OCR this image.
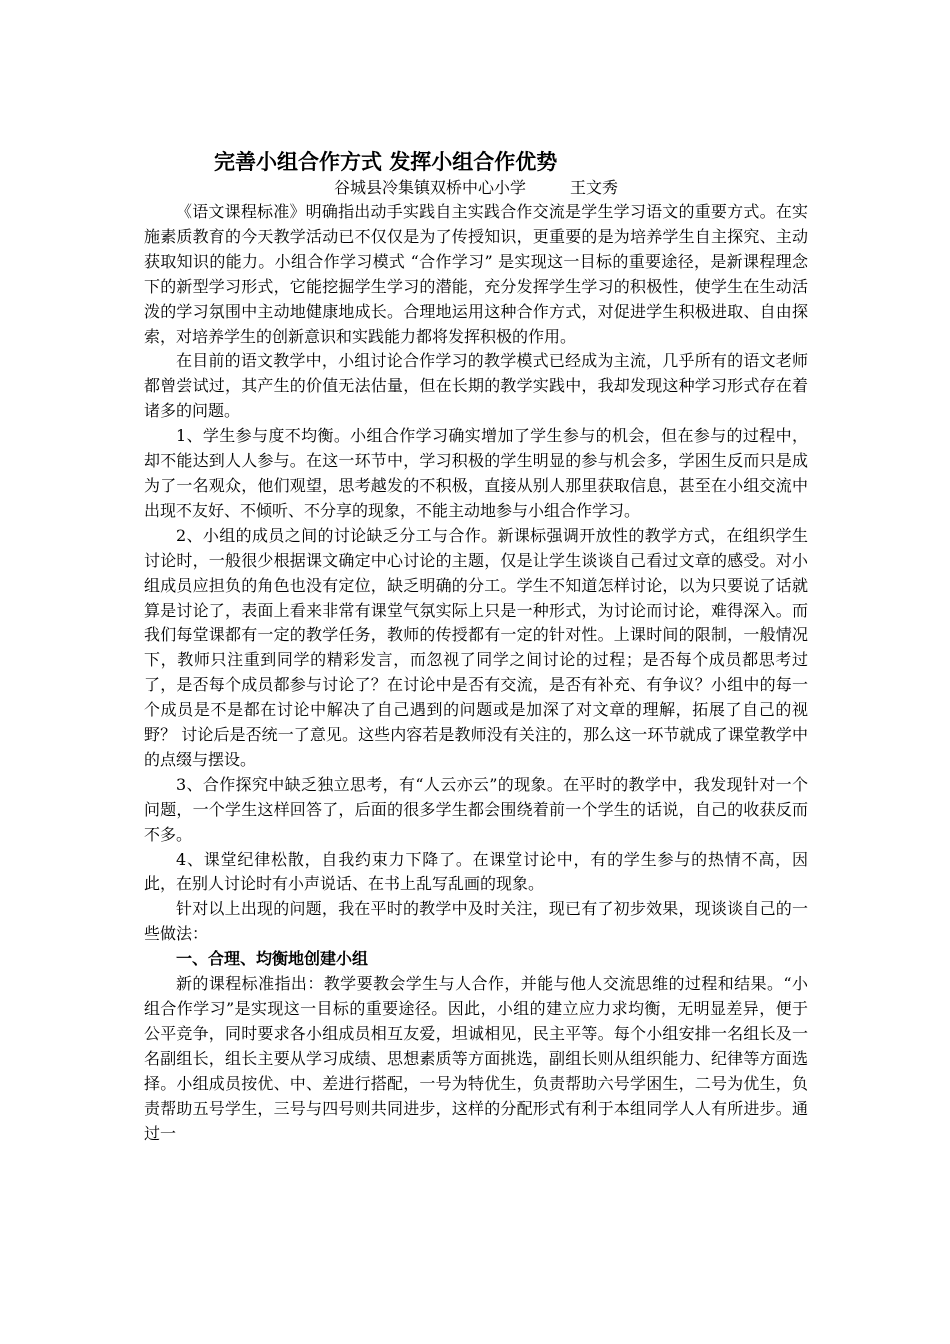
完善小组合作方式 发挥小组合作优势
谷城县冷集镇双桥中心小学	王文秀

《语文课程标准》明确指出动手实践自主实践合作交流是学生学习语文的重要方式。在实施素质教育的今天教学活动已不仅仅是为了传授知识，更重要的是为培养学生自主探究、主动获取知识的能力。小组合作学习模式 “合作学习” 是实现这一目标的重要途径，是新课程理念下的新型学习形式，它能挖掘学生学习的潜能，充分发挥学生学习的积极性，使学生在生动活泼的学习氛围中主动地健康地成长。合理地运用这种合作方式，对促进学生积极进取、自由探索，对培养学生的创新意识和实践能力都将发挥积极的作用。

在目前的语文教学中，小组讨论合作学习的教学模式已经成为主流，几乎所有的语文老师都曾尝试过，其产生的价值无法估量，但在长期的教学实践中，我却发现这种学习形式存在着诸多的问题。

1、学生参与度不均衡。小组合作学习确实增加了学生参与的机会，但在参与的过程中，却不能达到人人参与。在这一环节中，学习积极的学生明显的参与机会多，学困生反而只是成为了一名观众，他们观望，思考越发的不积极，直接从别人那里获取信息，甚至在小组交流中出现不友好、不倾听、不分享的现象，不能主动地参与小组合作学习。

2、小组的成员之间的讨论缺乏分工与合作。新课标强调开放性的教学方式，在组织学生讨论时，一般很少根据课文确定中心讨论的主题，仅是让学生谈谈自己看过文章的感受。对小组成员应担负的角色也没有定位，缺乏明确的分工。学生不知道怎样讨论，以为只要说了话就算是讨论了，表面上看来非常有课堂气氛实际上只是一种形式，为讨论而讨论，难得深入。而我们每堂课都有一定的教学任务，教师的传授都有一定的针对性。上课时间的限制，一般情况下，教师只注重到同学的精彩发言，而忽视了同学之间讨论的过程；是否每个成员都思考过了，是否每个成员都参与讨论了？在讨论中是否有交流，是否有补充、有争议？小组中的每一个成员是不是都在讨论中解决了自己遇到的问题或是加深了对文章的理解，拓展了自己的视野？ 讨论后是否统一了意见。这些内容若是教师没有关注的，那么这一环节就成了课堂教学中的点缀与摆设。

3、合作探究中缺乏独立思考，有“人云亦云”的现象。在平时的教学中，我发现针对一个问题，一个学生这样回答了，后面的很多学生都会围绕着前一个学生的话说，自己的收获反而不多。

4、课堂纪律松散，自我约束力下降了。在课堂讨论中，有的学生参与的热情不高，因此，在别人讨论时有小声说话、在书上乱写乱画的现象。

针对以上出现的问题，我在平时的教学中及时关注，现已有了初步效果，现谈谈自己的一些做法：

一、合理、均衡地创建小组

新的课程标准指出：教学要教会学生与人合作，并能与他人交流思维的过程和结果。“小组合作学习”是实现这一目标的重要途径。因此，小组的建立应力求均衡，无明显差异，便于公平竞争，同时要求各小组成员相互友爱，坦诚相见，民主平等。每个小组安排一名组长及一名副组长，组长主要从学习成绩、思想素质等方面挑选，副组长则从组织能力、纪律等方面选择。小组成员按优、中、差进行搭配，一号为特优生，负责帮助六号学困生，二号为优生，负责帮助五号学生，三号与四号则共同进步，这样的分配形式有利于本组同学人人有所进步。通过一
